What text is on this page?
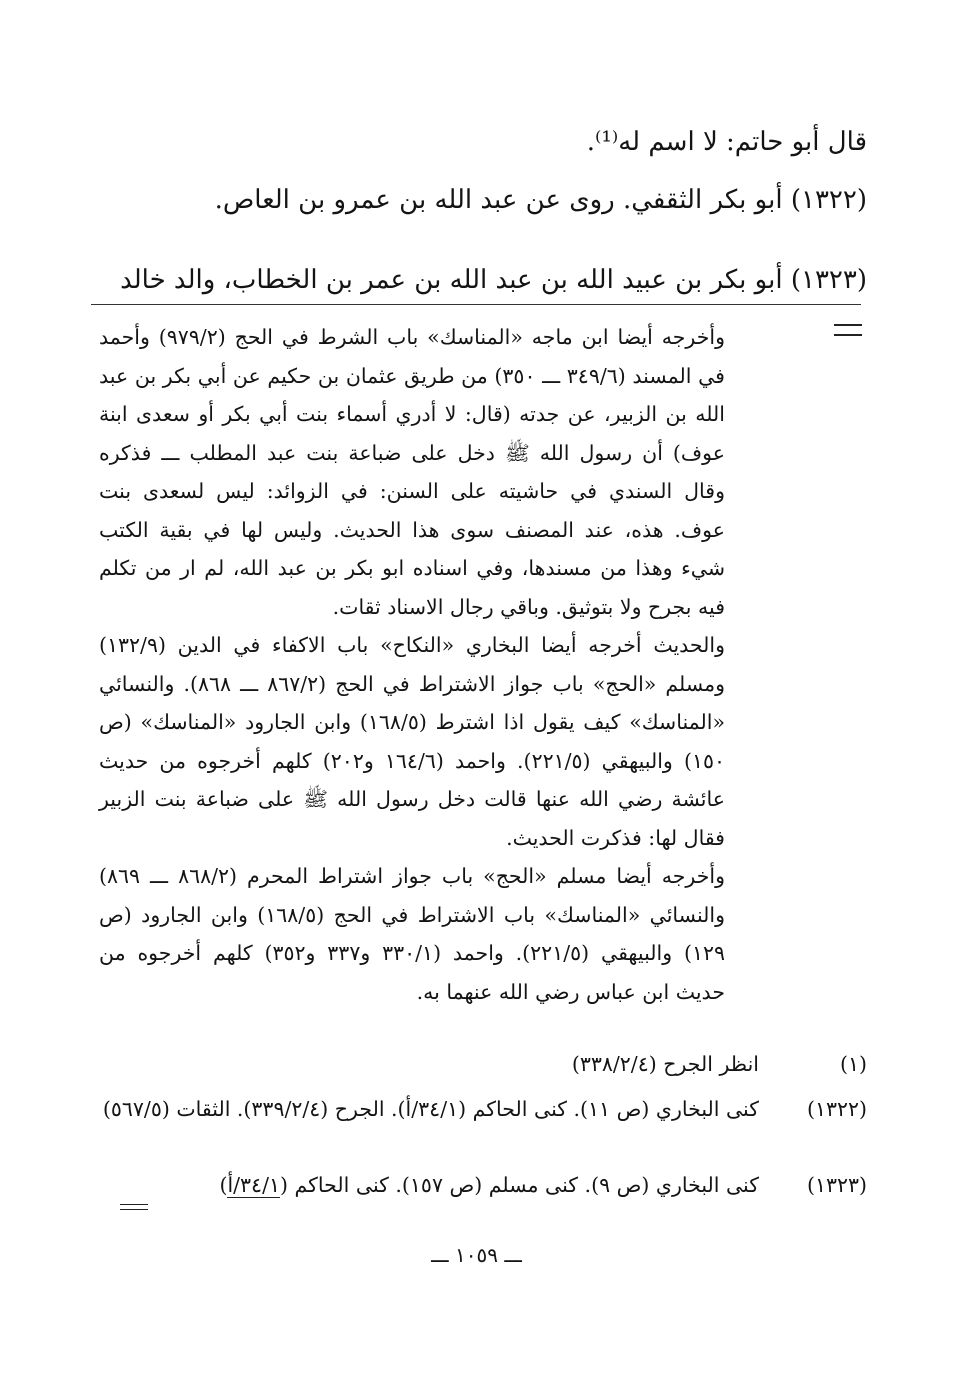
قال أبو حاتم: لا اسم له⁽¹⁾.
(١٣٢٢) أبو بكر الثقفي. روى عن عبد الله بن عمرو بن العاص.
(١٣٢٣) أبو بكر بن عبيد الله بن عبد الله بن عمر بن الخطاب، والد خالد

وأخرجه أيضا ابن ماجه «المناسك» باب الشرط في الحج (٩٧٩/٢) وأحمد في المسند (٣٤٩/٦ ـــ ٣٥٠) من طريق عثمان بن حكيم عن أبي بكر بن عبد الله بن الزبير، عن جدته (قال: لا أدري أسماء بنت أبي بكر أو سعدى ابنة عوف) أن رسول الله ﷺ دخل على ضباعة بنت عبد المطلب ـــ فذكره وقال السندي في حاشيته على السنن: في الزوائد: ليس لسعدى بنت عوف. هذه، عند المصنف سوى هذا الحديث. وليس لها في بقية الكتب شيء وهذا من مسندها، وفي اسناده ابو بكر بن عبد الله، لم ار من تكلم فيه بجرح ولا بتوثيق. وباقي رجال الاسناد ثقات.

والحديث أخرجه أيضا البخاري «النكاح» باب الاكفاء في الدين (١٣٢/٩) ومسلم «الحج» باب جواز الاشتراط في الحج (٨٦٧/٢ ـــ ٨٦٨). والنسائي «المناسك» كيف يقول اذا اشترط (١٦٨/٥) وابن الجارود «المناسك» (ص ١٥٠) والبيهقي (٢٢١/٥). واحمد (١٦٤/٦ و٢٠٢) كلهم أخرجوه من حديث عائشة رضي الله عنها قالت دخل رسول الله ﷺ على ضباعة بنت الزبير فقال لها: فذكرت الحديث.

وأخرجه أيضا مسلم «الحج» باب جواز اشتراط المحرم (٨٦٨/٢ ـــ ٨٦٩) والنسائي «المناسك» باب الاشتراط في الحج (١٦٨/٥) وابن الجارود (ص ١٢٩) والبيهقي (٢٢١/٥). واحمد (٣٣٠/١ و٣٣٧ و٣٥٢) كلهم أخرجوه من حديث ابن عباس رضي الله عنهما به.

(١)
انظر الجرح (٣٣٨/٢/٤)
(١٣٢٢)
كنى البخاري (ص ١١). كنى الحاكم (٣٤/١/أ). الجرح (٣٣٩/٢/٤). الثقات (٥٦٧/٥)
(١٣٢٣)
كنى البخاري (ص ٩). كنى مسلم (ص ١٥٧). كنى الحاكم (٣٤/١/أ)
ـــ ١٠٥٩ ـــ
